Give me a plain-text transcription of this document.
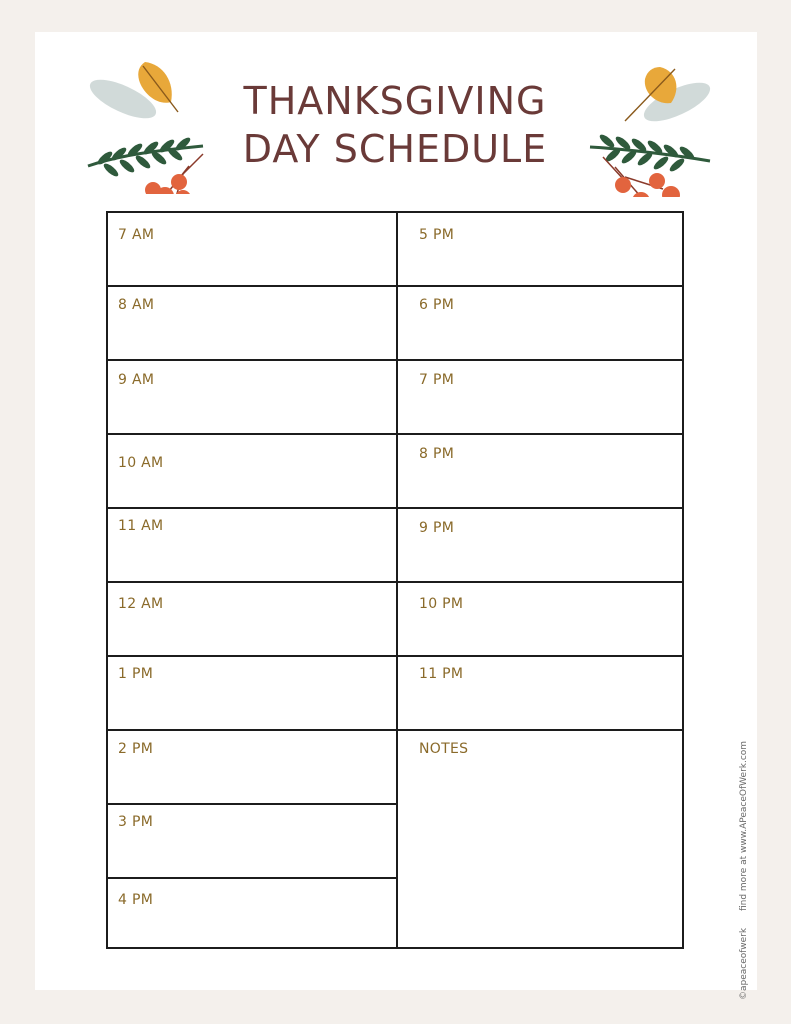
THANKSGIVING
DAY SCHEDULE
7 AM
8 AM
9 AM
10 AM
11 AM
12 AM
1 PM
2 PM
3 PM
4 PM
5 PM
6 PM
7 PM
8 PM
9 PM
10 PM
11 PM
NOTES
©apeaceofwerk find more at www.APeaceOfWerk.com
